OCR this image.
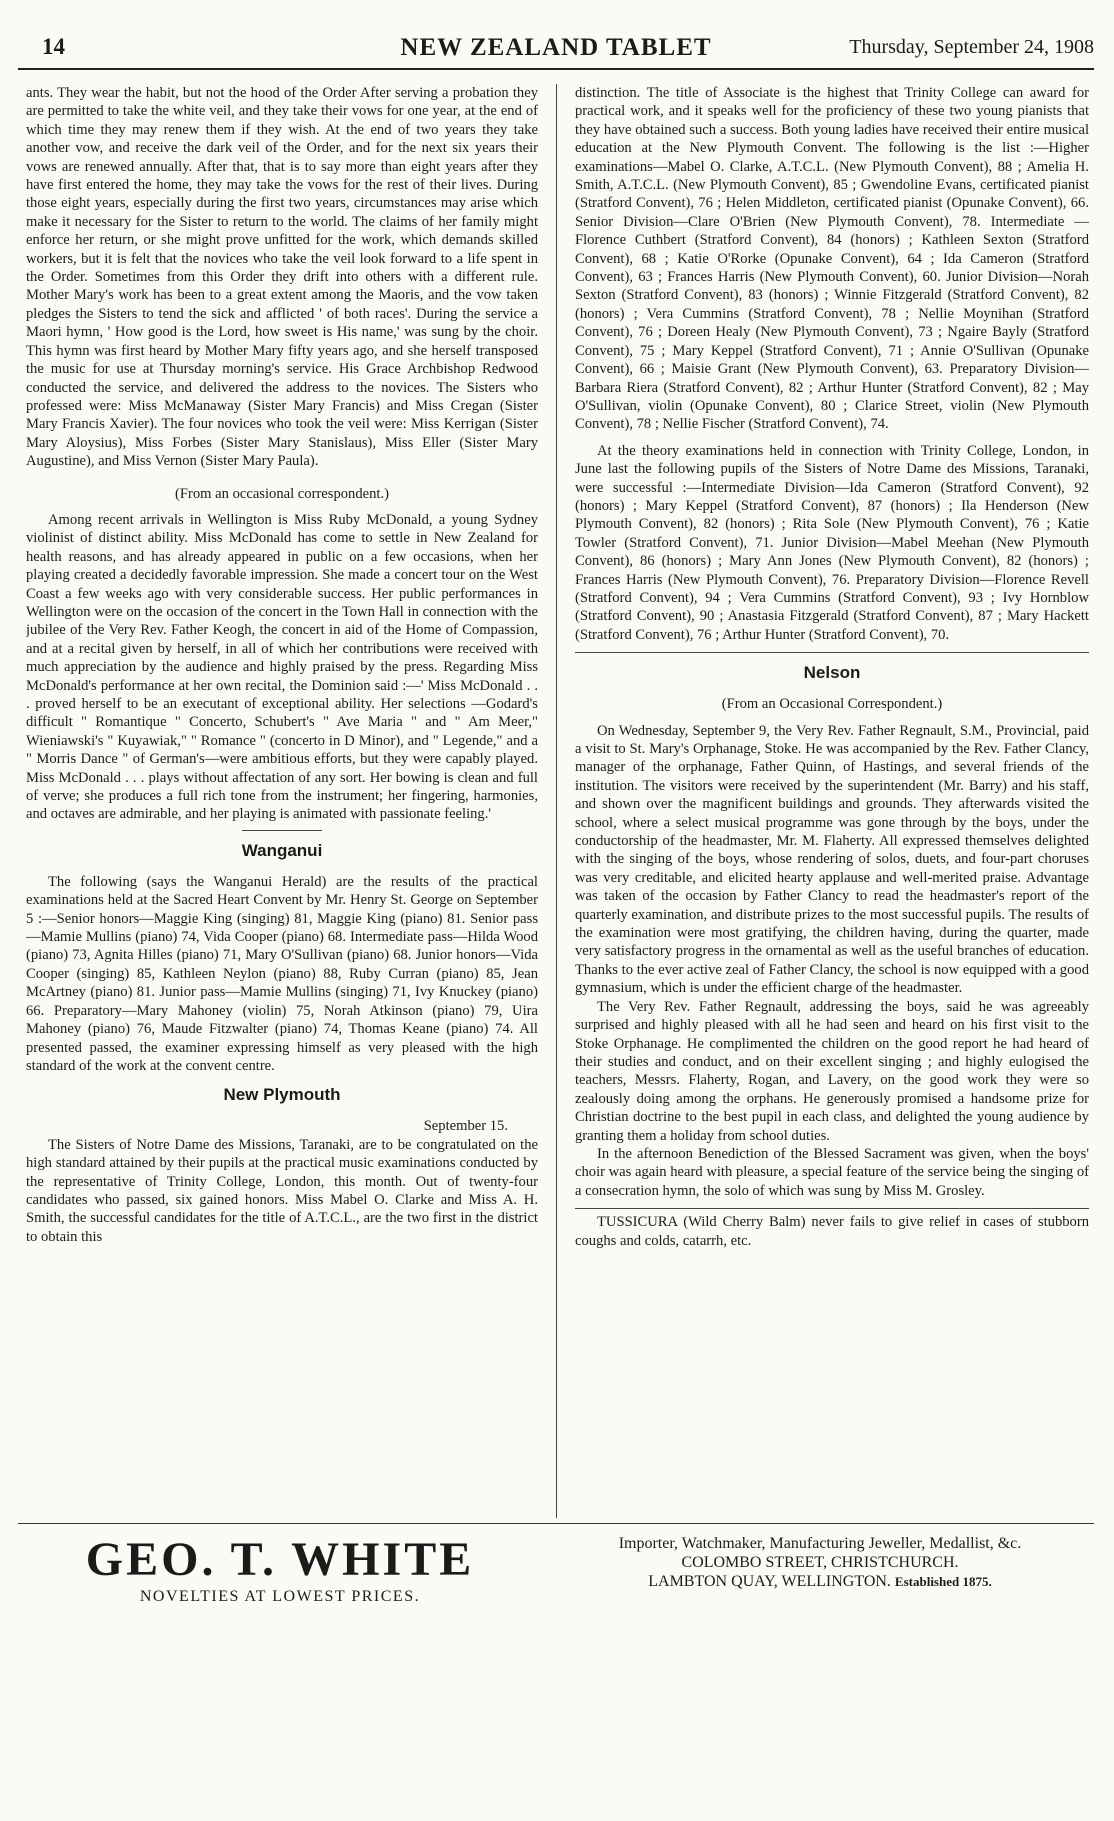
14	NEW ZEALAND TABLET	Thursday, September 24, 1908

ants. They wear the habit, but not the hood of the Order After serving a probation they are permitted to take the white veil, and they take their vows for one year, at the end of which time they may renew them if they wish. At the end of two years they take another vow, and receive the dark veil of the Order, and for the next six years their vows are renewed annually. After that, that is to say more than eight years after they have first entered the home, they may take the vows for the rest of their lives. During those eight years, especially during the first two years, circumstances may arise which make it necessary for the Sister to return to the world. The claims of her family might enforce her return, or she might prove unfitted for the work, which demands skilled workers, but it is felt that the novices who take the veil look forward to a life spent in the Order. Sometimes from this Order they drift into others with a different rule. Mother Mary's work has been to a great extent among the Maoris, and the vow taken pledges the Sisters to tend the sick and afflicted ' of both races'. During the service a Maori hymn, ' How good is the Lord, how sweet is His name,' was sung by the choir. This hymn was first heard by Mother Mary fifty years ago, and she herself transposed the music for use at Thursday morning's service. His Grace Archbishop Redwood conducted the service, and delivered the address to the novices. The Sisters who professed were: Miss McManaway (Sister Mary Francis) and Miss Cregan (Sister Mary Francis Xavier). The four novices who took the veil were: Miss Kerrigan (Sister Mary Aloysius), Miss Forbes (Sister Mary Stanislaus), Miss Eller (Sister Mary Augustine), and Miss Vernon (Sister Mary Paula).

(From an occasional correspondent.)

Among recent arrivals in Wellington is Miss Ruby McDonald, a young Sydney violinist of distinct ability. Miss McDonald has come to settle in New Zealand for health reasons, and has already appeared in public on a few occasions, when her playing created a decidedly favorable impression. She made a concert tour on the West Coast a few weeks ago with very considerable success. Her public performances in Wellington were on the occasion of the concert in the Town Hall in connection with the jubilee of the Very Rev. Father Keogh, the concert in aid of the Home of Compassion, and at a recital given by herself, in all of which her contributions were received with much appreciation by the audience and highly praised by the press. Regarding Miss McDonald's performance at her own recital, the Dominion said :—' Miss McDonald . . . proved herself to be an executant of exceptional ability. Her selections —Godard's difficult " Romantique " Concerto, Schubert's " Ave Maria " and " Am Meer," Wieniawski's " Kuyawiak," " Romance " (concerto in D Minor), and " Legende," and a " Morris Dance " of German's—were ambitious efforts, but they were capably played. Miss McDonald . . . plays without affectation of any sort. Her bowing is clean and full of verve; she produces a full rich tone from the instrument; her fingering, harmonies, and octaves are admirable, and her playing is animated with passionate feeling.'

Wanganui

The following (says the Wanganui Herald) are the results of the practical examinations held at the Sacred Heart Convent by Mr. Henry St. George on September 5 :—Senior honors—Maggie King (singing) 81, Maggie King (piano) 81. Senior pass—Mamie Mullins (piano) 74, Vida Cooper (piano) 68. Intermediate pass—Hilda Wood (piano) 73, Agnita Hilles (piano) 71, Mary O'Sullivan (piano) 68. Junior honors—Vida Cooper (singing) 85, Kathleen Neylon (piano) 88, Ruby Curran (piano) 85, Jean McArtney (piano) 81. Junior pass—Mamie Mullins (singing) 71, Ivy Knuckey (piano) 66. Preparatory—Mary Mahoney (violin) 75, Norah Atkinson (piano) 79, Uira Mahoney (piano) 76, Maude Fitzwalter (piano) 74, Thomas Keane (piano) 74. All presented passed, the examiner expressing himself as very pleased with the high standard of the work at the convent centre.

New Plymouth

September 15.

The Sisters of Notre Dame des Missions, Taranaki, are to be congratulated on the high standard attained by their pupils at the practical music examinations conducted by the representative of Trinity College, London, this month. Out of twenty-four candidates who passed, six gained honors. Miss Mabel O. Clarke and Miss A. H. Smith, the successful candidates for the title of A.T.C.L., are the two first in the district to obtain this

distinction. The title of Associate is the highest that Trinity College can award for practical work, and it speaks well for the proficiency of these two young pianists that they have obtained such a success. Both young ladies have received their entire musical education at the New Plymouth Convent. The following is the list :—Higher examinations—Mabel O. Clarke, A.T.C.L. (New Plymouth Convent), 88 ; Amelia H. Smith, A.T.C.L. (New Plymouth Convent), 85 ; Gwendoline Evans, certificated pianist (Stratford Convent), 76 ; Helen Middleton, certificated pianist (Opunake Convent), 66. Senior Division—Clare O'Brien (New Plymouth Convent), 78. Intermediate — Florence Cuthbert (Stratford Convent), 84 (honors) ; Kathleen Sexton (Stratford Convent), 68 ; Katie O'Rorke (Opunake Convent), 64 ; Ida Cameron (Stratford Convent), 63 ; Frances Harris (New Plymouth Convent), 60. Junior Division—Norah Sexton (Stratford Convent), 83 (honors) ; Winnie Fitzgerald (Stratford Convent), 82 (honors) ; Vera Cummins (Stratford Convent), 78 ; Nellie Moynihan (Stratford Convent), 76 ; Doreen Healy (New Plymouth Convent), 73 ; Ngaire Bayly (Stratford Convent), 75 ; Mary Keppel (Stratford Convent), 71 ; Annie O'Sullivan (Opunake Convent), 66 ; Maisie Grant (New Plymouth Convent), 63. Preparatory Division—Barbara Riera (Stratford Convent), 82 ; Arthur Hunter (Stratford Convent), 82 ; May O'Sullivan, violin (Opunake Convent), 80 ; Clarice Street, violin (New Plymouth Convent), 78 ; Nellie Fischer (Stratford Convent), 74.

At the theory examinations held in connection with Trinity College, London, in June last the following pupils of the Sisters of Notre Dame des Missions, Taranaki, were successful :—Intermediate Division—Ida Cameron (Stratford Convent), 92 (honors) ; Mary Keppel (Stratford Convent), 87 (honors) ; Ila Henderson (New Plymouth Convent), 82 (honors) ; Rita Sole (New Plymouth Convent), 76 ; Katie Towler (Stratford Convent), 71. Junior Division—Mabel Meehan (New Plymouth Convent), 86 (honors) ; Mary Ann Jones (New Plymouth Convent), 82 (honors) ; Frances Harris (New Plymouth Convent), 76. Preparatory Division—Florence Revell (Stratford Convent), 94 ; Vera Cummins (Stratford Convent), 93 ; Ivy Hornblow (Stratford Convent), 90 ; Anastasia Fitzgerald (Stratford Convent), 87 ; Mary Hackett (Stratford Convent), 76 ; Arthur Hunter (Stratford Convent), 70.

Nelson

(From an Occasional Correspondent.)

On Wednesday, September 9, the Very Rev. Father Regnault, S.M., Provincial, paid a visit to St. Mary's Orphanage, Stoke. He was accompanied by the Rev. Father Clancy, manager of the orphanage, Father Quinn, of Hastings, and several friends of the institution. The visitors were received by the superintendent (Mr. Barry) and his staff, and shown over the magnificent buildings and grounds. They afterwards visited the school, where a select musical programme was gone through by the boys, under the conductorship of the headmaster, Mr. M. Flaherty. All expressed themselves delighted with the singing of the boys, whose rendering of solos, duets, and four-part choruses was very creditable, and elicited hearty applause and well-merited praise. Advantage was taken of the occasion by Father Clancy to read the headmaster's report of the quarterly examination, and distribute prizes to the most successful pupils. The results of the examination were most gratifying, the children having, during the quarter, made very satisfactory progress in the ornamental as well as the useful branches of education. Thanks to the ever active zeal of Father Clancy, the school is now equipped with a good gymnasium, which is under the efficient charge of the headmaster.

The Very Rev. Father Regnault, addressing the boys, said he was agreeably surprised and highly pleased with all he had seen and heard on his first visit to the Stoke Orphanage. He complimented the children on the good report he had heard of their studies and conduct, and on their excellent singing ; and highly eulogised the teachers, Messrs. Flaherty, Rogan, and Lavery, on the good work they were so zealously doing among the orphans. He generously promised a handsome prize for Christian doctrine to the best pupil in each class, and delighted the young audience by granting them a holiday from school duties.

In the afternoon Benediction of the Blessed Sacrament was given, when the boys' choir was again heard with pleasure, a special feature of the service being the singing of a consecration hymn, the solo of which was sung by Miss M. Grosley.

TUSSICURA (Wild Cherry Balm) never fails to give relief in cases of stubborn coughs and colds, catarrh, etc.

GEO. T. WHITE
NOVELTIES AT LOWEST PRICES.
Importer, Watchmaker, Manufacturing Jeweller, Medallist, &c.
COLOMBO STREET, CHRISTCHURCH.
LAMBTON QUAY, WELLINGTON. Established 1875.
